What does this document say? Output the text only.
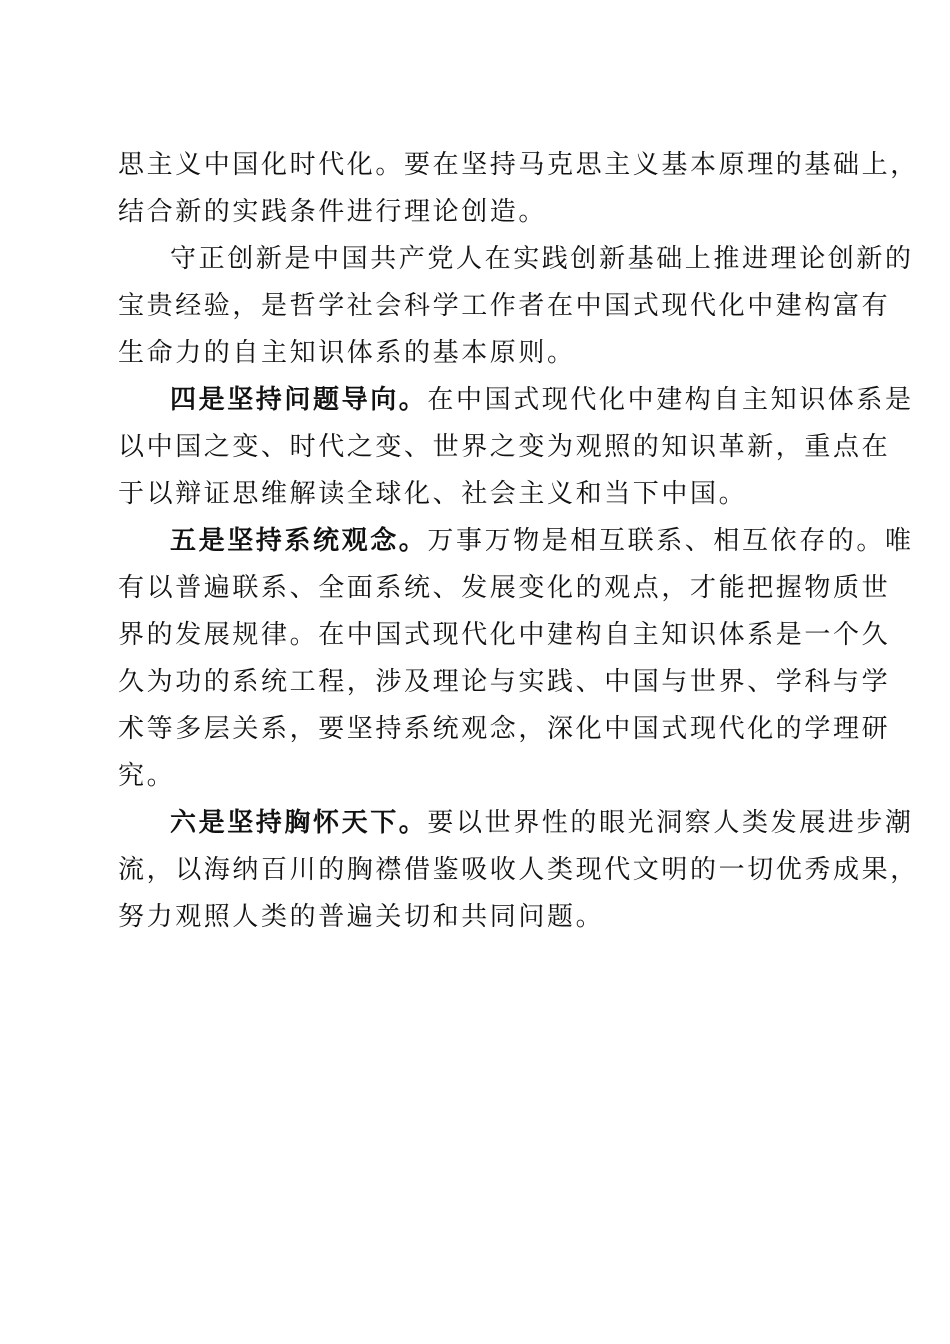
思主义中国化时代化。要在坚持马克思主义基本原理的基础上，
结合新的实践条件进行理论创造。

守正创新是中国共产党人在实践创新基础上推进理论创新的
宝贵经验，是哲学社会科学工作者在中国式现代化中建构富有
生命力的自主知识体系的基本原则。

四是坚持问题导向。在中国式现代化中建构自主知识体系是
以中国之变、时代之变、世界之变为观照的知识革新，重点在
于以辩证思维解读全球化、社会主义和当下中国。

五是坚持系统观念。万事万物是相互联系、相互依存的。唯
有以普遍联系、全面系统、发展变化的观点，才能把握物质世
界的发展规律。在中国式现代化中建构自主知识体系是一个久
久为功的系统工程，涉及理论与实践、中国与世界、学科与学
术等多层关系，要坚持系统观念，深化中国式现代化的学理研
究。

六是坚持胸怀天下。要以世界性的眼光洞察人类发展进步潮
流，以海纳百川的胸襟借鉴吸收人类现代文明的一切优秀成果，
努力观照人类的普遍关切和共同问题。
